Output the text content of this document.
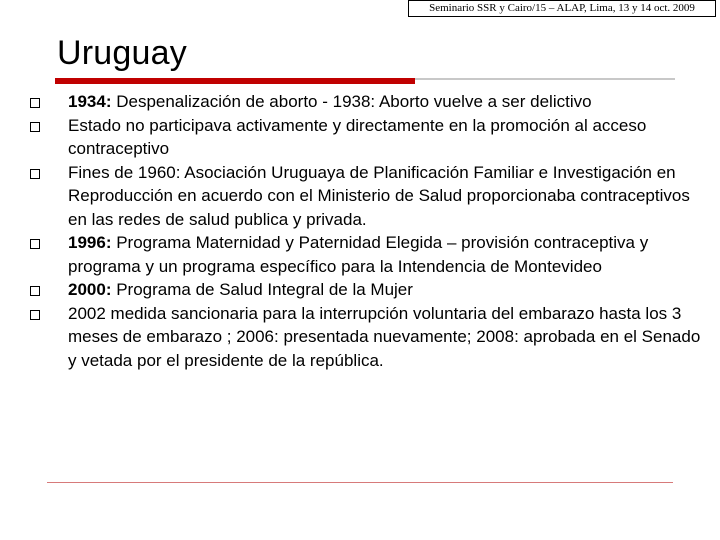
Seminario SSR y Cairo/15 – ALAP, Lima, 13 y 14 oct. 2009
Uruguay
1934: Despenalización de aborto - 1938: Aborto vuelve a ser delictivo
Estado no participava activamente y directamente en la promoción al acceso contraceptivo
Fines de 1960: Asociación Uruguaya de Planificación Familiar e Investigación en Reproducción en acuerdo con el Ministerio de Salud proporcionaba contraceptivos en las redes de salud publica y privada.
1996: Programa Maternidad y Paternidad Elegida – provisión contraceptiva y programa y un programa específico para la Intendencia de Montevideo
2000: Programa de Salud Integral de la Mujer
2002 medida sancionaria para la interrupción voluntaria del embarazo hasta los 3 meses de embarazo ; 2006: presentada nuevamente; 2008: aprobada en el Senado y vetada por el presidente de la república.
